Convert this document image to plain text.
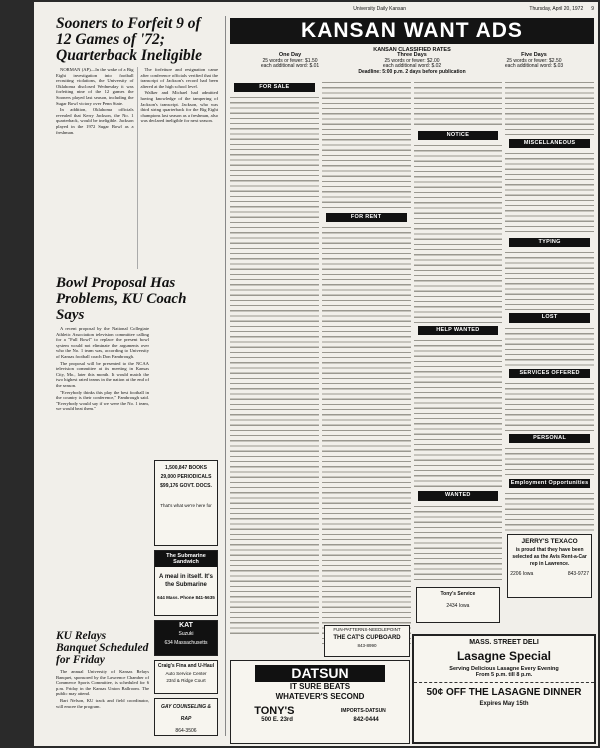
University Daily Kansan	Thursday, April 20, 1972 9
Sooners to Forfeit 9 of 12 Games of '72; Quarterback Ineligible

NORMAN (AP)—In the wake of a Big Eight investigation into football recruiting violations, the University of Oklahoma disclosed Wednesday it was forfeiting nine of the 12 games the Sooners played last season, including the Sugar Bowl victory over Penn State.

In addition, Oklahoma officials revealed that Kerry Jackson, the No. 1 quarterback, would be ineligible. Jackson played in the 1972 Sugar Bowl as a freshman.

The forfeiture and resignation came after conference officials verified that the transcript of Jackson's record had been altered at the high school level.

Walker and Michael had admitted having knowledge of the tampering of Jackson's transcript. Jackson, who was third string quarterback for the Big Eight champions last season as a freshman, also was declared ineligible for next season.

Bowl Proposal Has Problems, KU Coach Says

A recent proposal by the National Collegiate Athletic Association television committee calling for a "Full Bowl" to replace the present bowl system would not eliminate the arguments over who the No. 1 team was, according to University of Kansas football coach Don Fambrough.

The proposal will be presented to the NCAA television committee at its meeting in Kansas City, Mo., later this month. It would match the two highest rated teams in the nation at the end of the season.

"Everybody thinks this play the best football in the country is their conference," Fambrough said. "Everybody would say if we were the No. 1 team, we would beat them."

KU Relays Banquet Scheduled for Friday

The annual University of Kansas Relays Banquet, sponsored by the Lawrence Chamber of Commerce Sports Committee, is scheduled for 6 p.m. Friday in the Kansas Union Ballroom. The public may attend.

Bart Nelson, KU track and field coordinator, will emcee the program.

1,500,847 BOOKS
29,000 PERIODICALS
$99,176 GOVT. DOCS.
That's what we're here for
The Submarine Sandwich
A meal in itself. It's the Submarine
644 Mass. Phone 841-5635
KAT
Suzuki
634 Massachusetts
Craig's Fina and U-Haul
Auto Service Center
23rd & Ridge Court
GAY COUNSELING & RAP
864-3506
KANSAN WANT ADS
KANSAN CLASSIFIED RATES
One Day
25 words or fewer: $1.50
each additional word: $.01
Three Days
25 words or fewer: $2.00
each additional word: $.02
Deadline: 5:00 p.m. 2 days before publication
Five Days
25 words or fewer: $2.50
each additional word: $.03
FOR SALE
FOR RENT
NOTICE
HELP WANTED
WANTED
Tony's Service
2434 Iowa
MISCELLANEOUS
TYPING
LOST
SERVICES OFFERED
PERSONAL
Employment Opportunities
JERRY'S TEXACO
is proud that they have been selected as the Avis Rent-a-Car rep in Lawrence.
2206 Iowa	843-9727
FUN-PATTERNS-NEEDLEPOINT
THE CAT'S CUPBOARD
843-8990
DATSUN
IT SURE BEATS
WHATEVER'S SECOND
TONY'S	IMPORTS-DATSUN
500 E. 23rd	842-0444
MASS. STREET DELI
Lasagne Special
Serving Delicious Lasagne Every Evening
From 5 p.m. till 8 p.m.
50¢ OFF THE LASAGNE DINNER
Expires May 15th
